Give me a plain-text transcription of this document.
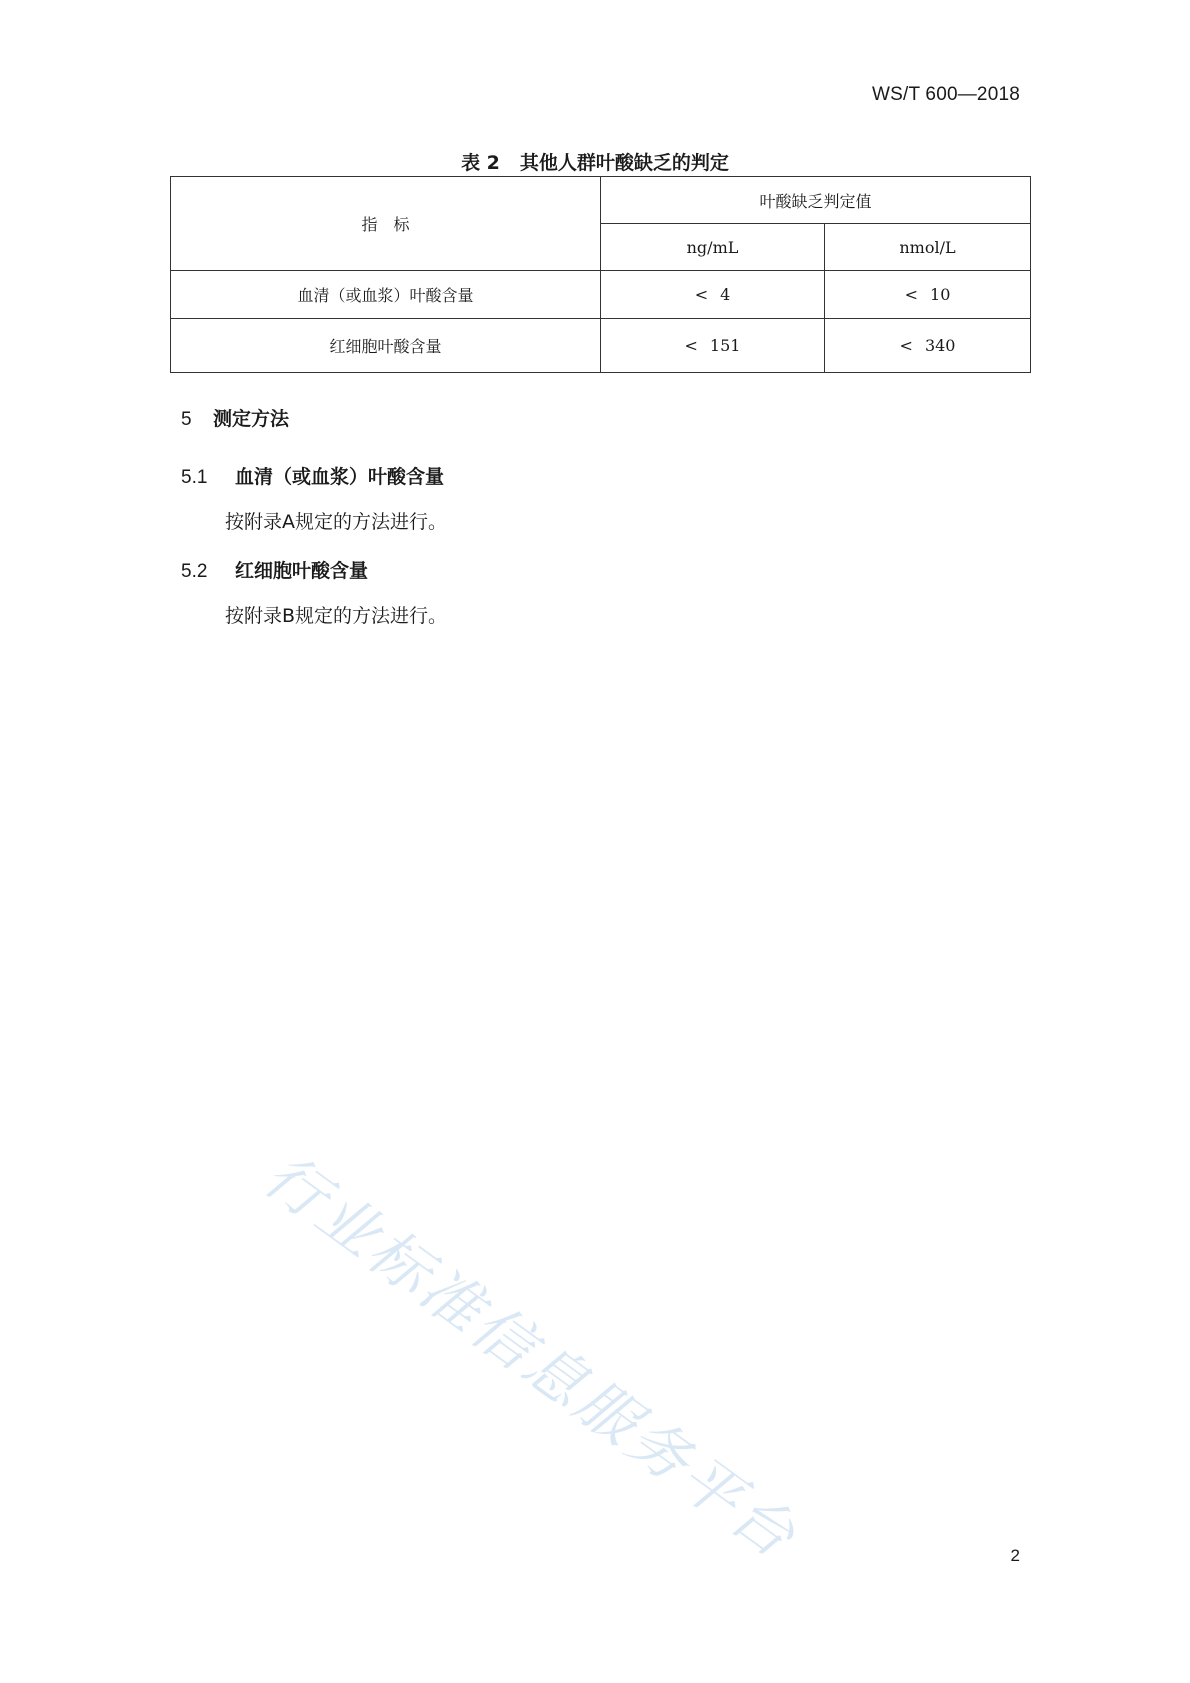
WS/T 600—2018
表 2 其他人群叶酸缺乏的判定
指　标	叶酸缺乏判定值	
	ng/mL	nmol/L
血清（或血浆）叶酸含量	< 4	< 10
红细胞叶酸含量	< 151	< 340
5 测定方法
5.1 血清（或血浆）叶酸含量
按附录A规定的方法进行。
5.2 红细胞叶酸含量
按附录B规定的方法进行。
行业标准信息服务平台	2
